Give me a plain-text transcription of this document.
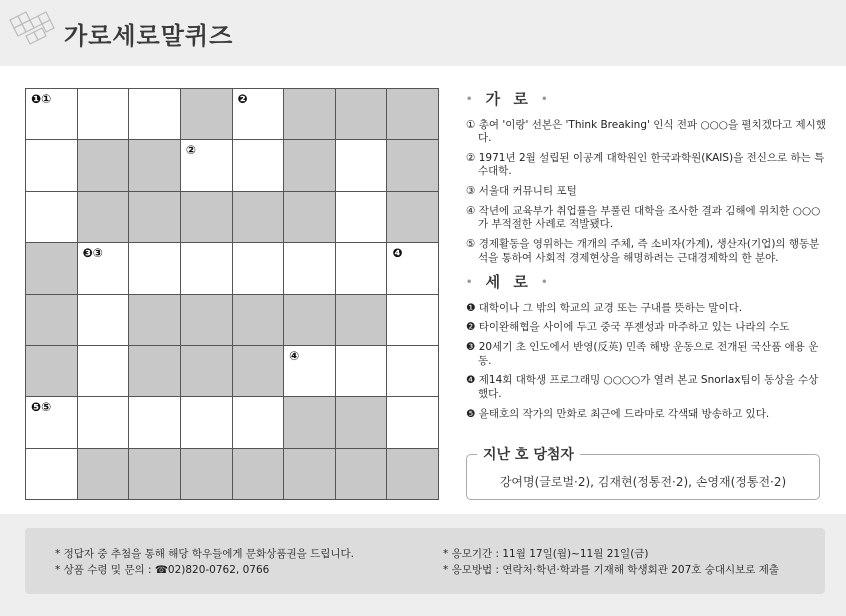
가로세로말퀴즈
❶①	❷
②
❸③	❹
④
❺⑤
• 가 로 •
① 총여 '이랑' 선본은 'Think Breaking' 인식 전파 ○○○을 펼치겠다고 제시했다.
② 1971년 2월 설립된 이공계 대학원인 한국과학원(KAIS)을 전신으로 하는 특수대학.
③ 서울대 커뮤니티 포털
④ 작년에 교육부가 취업률을 부풀린 대학을 조사한 결과 김해에 위치한 ○○○가 부적절한 사례로 적발됐다.
⑤ 경제활동을 영위하는 개개의 주체, 즉 소비자(가계), 생산자(기업)의 행동분석을 통하여 사회적 경제현상을 해명하려는 근대경제학의 한 분야.
• 세 로 •
❶ 대학이나 그 밖의 학교의 교경 또는 구내를 뜻하는 말이다.
❷ 타이완해협을 사이에 두고 중국 푸젠성과 마주하고 있는 나라의 수도
❸ 20세기 초 인도에서 반영(反英) 민족 해방 운동으로 전개된 국산품 애용 운동.
❹ 제14회 대학생 프로그래밍 ○○○○가 열려 본교 Snorlax팀이 동상을 수상했다.
❺ 윤태호의 작가의 만화로 최근에 드라마로 각색돼 방송하고 있다.
지난 호 당첨자
강여명(글로벌·2), 김재현(정통전·2), 손영재(정통전·2)
* 정답자 중 추첨을 통해 해당 학우들에게 문화상품권을 드립니다.
* 상품 수령 및 문의 : ☎02)820-0762, 0766
* 응모기간 : 11월 17일(월)~11월 21일(금)
* 응모방법 : 연락처·학년·학과를 기재해 학생회관 207호 숭대시보로 제출
